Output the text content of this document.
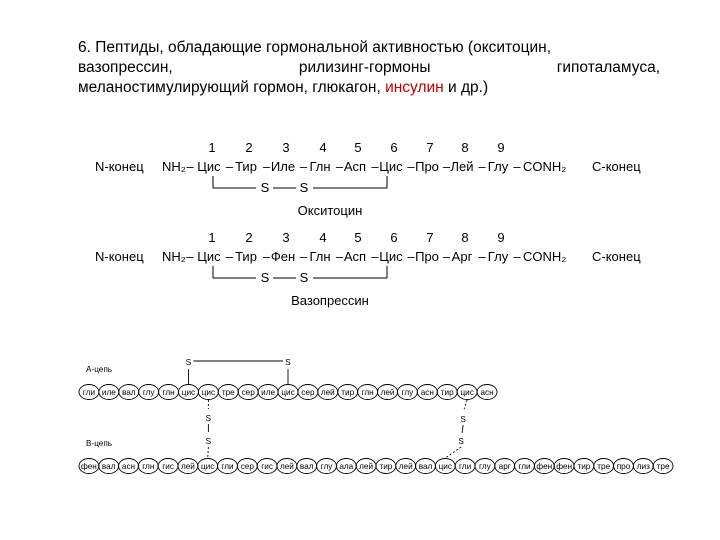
6. Пептиды, обладающие гормональной активностью (окситоцин,
вазопрессин,	рилизинг-гормоны	гипоталамуса,
меланостимулирующий гормон, глюкагон, инсулин и др.)
1 2 3 4 5 6 7 8 9
N-конец NH₂ Цис – Тир – Иле – Глн – Асп – Цис – Про – Лей – Глу
–	– CONH₂ С-конец
S S
Окситоцин
1 2 3 4 5 6 7 8 9
N-конец NH₂ Цис – Тир – Фен – Глн – Асп – Цис – Про – Арг – Глу
–	– CONH₂ С-конец
S S
Вазопрессин
гли иле вал глу глн цис цис тре сер иле цис сер лей тир глн лей глу асн тир цис асн
фен вал асн глн гис лей цис гли сер гис лей вал глу ала лей тир лей вал цис гли глу арг гли фен фен тир тре про лиз тре
А-цепь
В-цепь
S	S
S
S
S
S
